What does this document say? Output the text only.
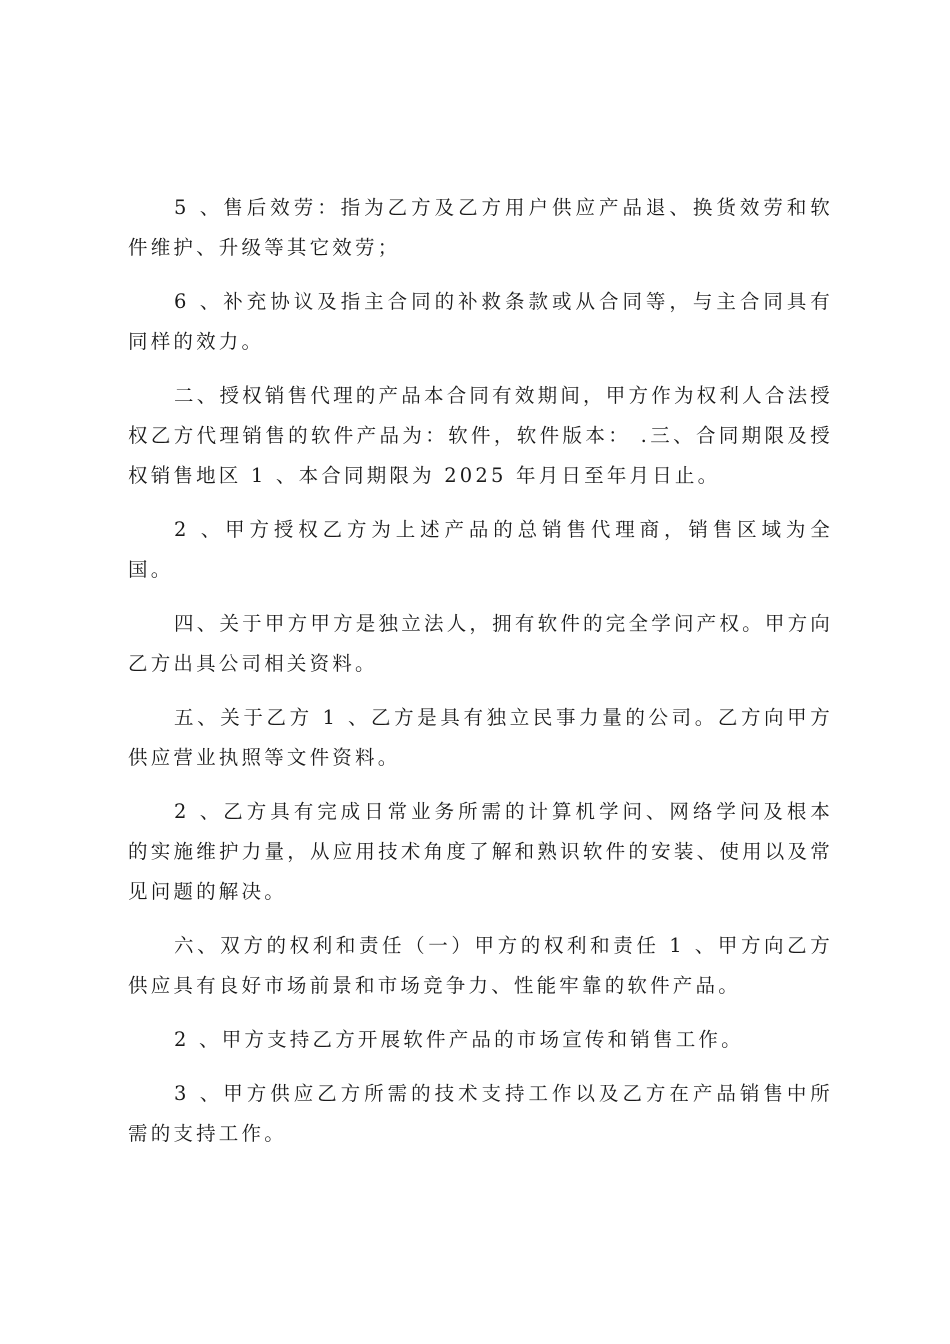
5 、售后效劳：指为乙方及乙方用户供应产品退、换货效劳和软件维护、升级等其它效劳；

6 、补充协议及指主合同的补救条款或从合同等，与主合同具有同样的效力。

二、授权销售代理的产品本合同有效期间，甲方作为权利人合法授权乙方代理销售的软件产品为：软件，软件版本： .三、合同期限及授权销售地区 1 、本合同期限为 2025 年月日至年月日止。

2 、甲方授权乙方为上述产品的总销售代理商，销售区域为全国。

四、关于甲方甲方是独立法人，拥有软件的完全学问产权。甲方向乙方出具公司相关资料。

五、关于乙方 1 、乙方是具有独立民事力量的公司。乙方向甲方供应营业执照等文件资料。

2 、乙方具有完成日常业务所需的计算机学问、网络学问及根本的实施维护力量，从应用技术角度了解和熟识软件的安装、使用以及常见问题的解决。

六、双方的权利和责任（一）甲方的权利和责任 1 、甲方向乙方供应具有良好市场前景和市场竞争力、性能牢靠的软件产品。

2 、甲方支持乙方开展软件产品的市场宣传和销售工作。

3 、甲方供应乙方所需的技术支持工作以及乙方在产品销售中所需的支持工作。
